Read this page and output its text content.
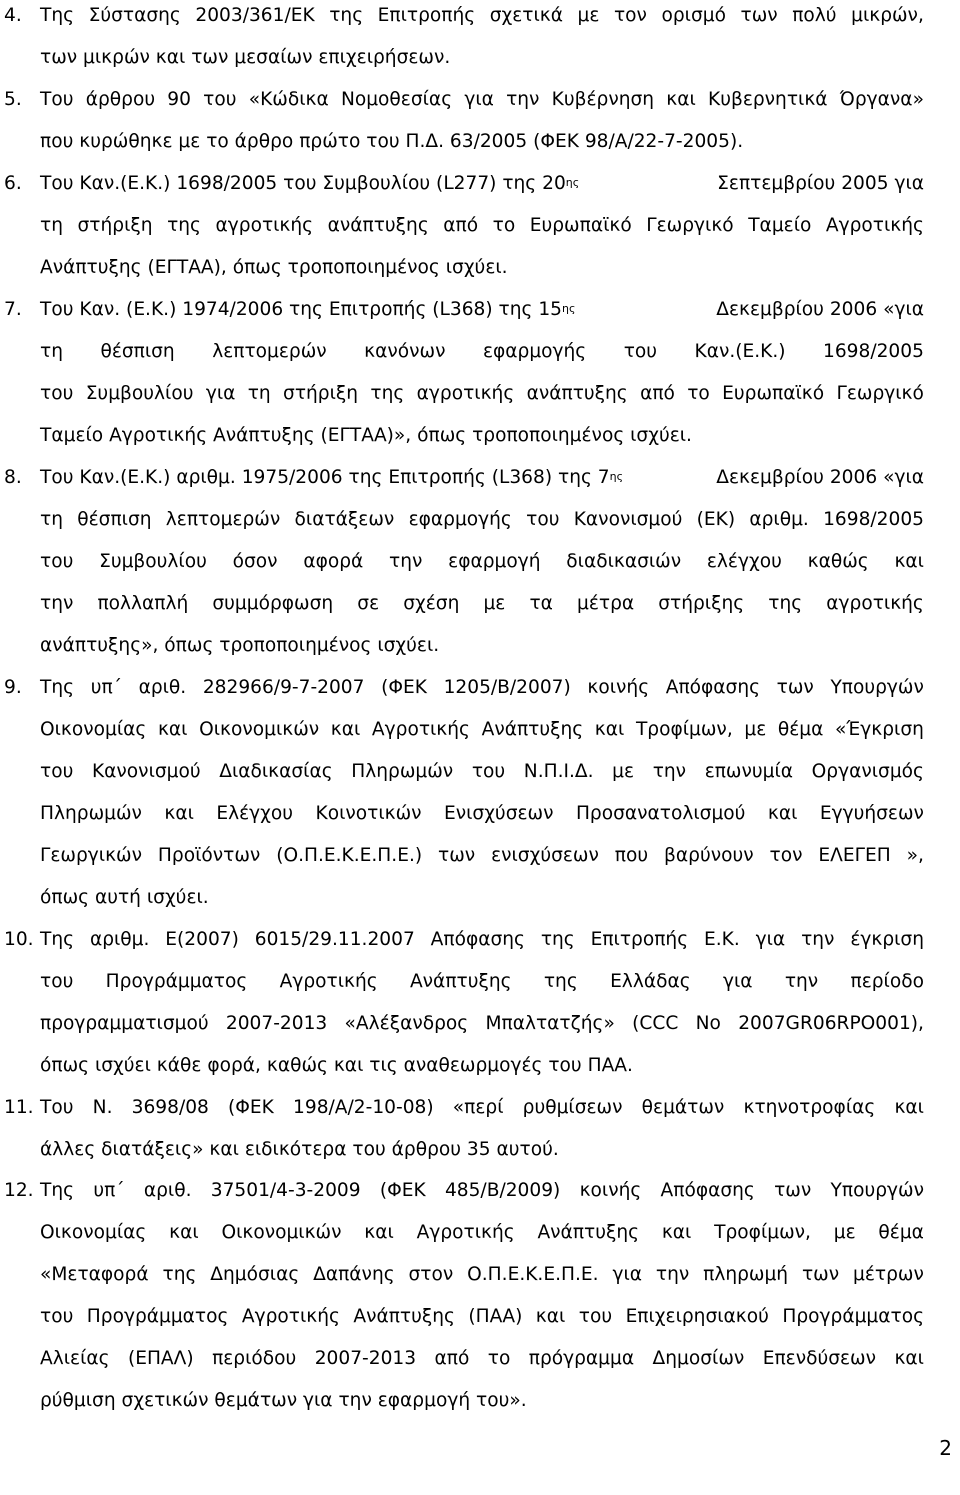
4. Της Σύστασης 2003/361/ΕΚ της Επιτροπής σχετικά με τον ορισμό των πολύ μικρών,
των μικρών και των μεσαίων επιχειρήσεων.
5. Του άρθρου 90 του «Κώδικα Νομοθεσίας για την Κυβέρνηση και Κυβερνητικά Όργανα»
που κυρώθηκε με το άρθρο πρώτο του Π.Δ. 63/2005 (ΦΕΚ 98/Α/22-7-2005).
6. Του Καν.(Ε.Κ.) 1698/2005 του Συμβουλίου (L277) της $20^{\eta\varsigma}$	Σεπτεμβρίου 2005 για
τη στήριξη της αγροτικής ανάπτυξης από το Ευρωπαϊκό Γεωργικό Ταμείο Αγροτικής
Ανάπτυξης (ΕΓΤΑΑ), όπως τροποποιημένος ισχύει.
7. Του Καν. (Ε.Κ.) 1974/2006 της Επιτροπής (L368) της $15^{\eta\varsigma}$	Δεκεμβρίου 2006 «για
τη θέσπιση λεπτομερών κανόνων εφαρμογής του Καν.(Ε.Κ.) 1698/2005
του Συμβουλίου για τη στήριξη της αγροτικής ανάπτυξης από το Ευρωπαϊκό Γεωργικό
Ταμείο Αγροτικής Ανάπτυξης (ΕΓΤΑΑ)», όπως τροποποιημένος ισχύει.
8. Του Καν.(Ε.Κ.) αριθμ. 1975/2006 της Επιτροπής (L368) της $7^{\eta\varsigma}$	Δεκεμβρίου 2006 «για
τη θέσπιση λεπτομερών διατάξεων εφαρμογής του Κανονισμού (ΕΚ) αριθμ. 1698/2005
του Συμβουλίου όσον αφορά την εφαρμογή διαδικασιών ελέγχου καθώς και
την πολλαπλή συμμόρφωση σε σχέση με τα μέτρα στήριξης της αγροτικής
ανάπτυξης», όπως τροποποιημένος ισχύει.
9. Της υπ΄ αριθ. 282966/9-7-2007 (ΦΕΚ 1205/Β/2007) κοινής Απόφασης των Υπουργών
Οικονομίας και Οικονομικών και Αγροτικής Ανάπτυξης και Τροφίμων, με θέμα «Έγκριση
του Κανονισμού Διαδικασίας Πληρωμών του Ν.Π.Ι.Δ. με την επωνυμία Οργανισμός
Πληρωμών και Ελέγχου Κοινοτικών Ενισχύσεων Προσανατολισμού και Εγγυήσεων
Γεωργικών Προϊόντων (Ο.Π.Ε.Κ.Ε.Π.Ε.) των ενισχύσεων που βαρύνουν τον ΕΛΕΓΕΠ »,
όπως αυτή ισχύει.
10. Της αριθμ. Ε(2007) 6015/29.11.2007 Απόφασης της Επιτροπής Ε.Κ. για την έγκριση
του Προγράμματος Αγροτικής Ανάπτυξης της Ελλάδας για την περίοδο
προγραμματισμού 2007-2013 «Αλέξανδρος Μπαλτατζής» (CCC No 2007GR06RPO001),
όπως ισχύει κάθε φορά, καθώς και τις αναθεωρμογές του ΠΑΑ.
11. Του Ν. 3698/08 (ΦΕΚ 198/Α/2-10-08) «περί ρυθμίσεων θεμάτων κτηνοτροφίας και
άλλες διατάξεις» και ειδικότερα του άρθρου 35 αυτού.
12. Της υπ΄ αριθ. 37501/4-3-2009 (ΦΕΚ 485/Β/2009) κοινής Απόφασης των Υπουργών
Οικονομίας και Οικονομικών και Αγροτικής Ανάπτυξης και Τροφίμων, με θέμα
«Μεταφορά της Δημόσιας Δαπάνης στον Ο.Π.Ε.Κ.Ε.Π.Ε. για την πληρωμή των μέτρων
του Προγράμματος Αγροτικής Ανάπτυξης (ΠΑΑ) και του Επιχειρησιακού Προγράμματος
Αλιείας (ΕΠΑΛ) περιόδου 2007-2013 από το πρόγραμμα Δημοσίων Επενδύσεων και
ρύθμιση σχετικών θεμάτων για την εφαρμογή του».
2
